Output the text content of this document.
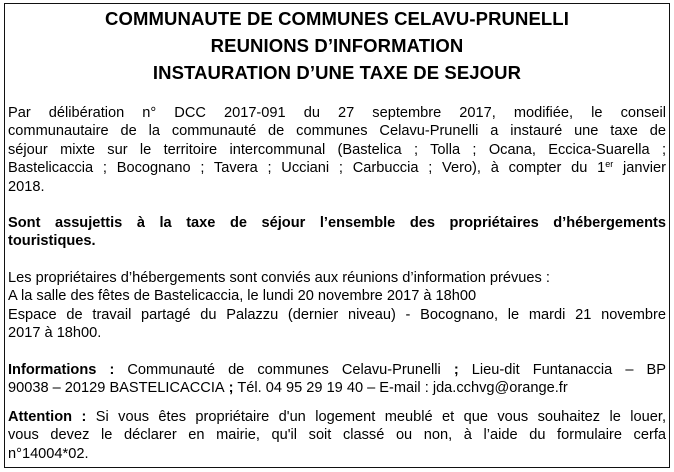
COMMUNAUTE DE COMMUNES CELAVU-PRUNELLI
REUNIONS D’INFORMATION
INSTAURATION D’UNE TAXE DE SEJOUR
Par délibération n° DCC 2017-091 du 27 septembre 2017, modifiée, le conseil
communautaire de la communauté de communes Celavu-Prunelli a instauré une taxe de
séjour mixte sur le territoire intercommunal (Bastelica ; Tolla ; Ocana, Eccica-Suarella ;
Bastelicaccia ; Bocognano ; Tavera ; Ucciani ; Carbuccia ; Vero), à compter du 1er janvier
2018.
Sont assujettis à la taxe de séjour l’ensemble des propriétaires d’hébergements
touristiques.
Les propriétaires d’hébergements sont conviés aux réunions d’information prévues :
A la salle des fêtes de Bastelicaccia, le lundi 20 novembre 2017 à 18h00
Espace de travail partagé du Palazzu (dernier niveau) - Bocognano, le mardi 21 novembre
2017 à 18h00.
Informations : Communauté de communes Celavu-Prunelli ; Lieu-dit Funtanaccia – BP
90038 – 20129 BASTELICACCIA ; Tél. 04 95 29 19 40 – E-mail : jda.cchvg@orange.fr
Attention : Si vous êtes propriétaire d'un logement meublé et que vous souhaitez le louer,
vous devez le déclarer en mairie, qu'il soit classé ou non, à l’aide du formulaire cerfa
n°14004*02.
